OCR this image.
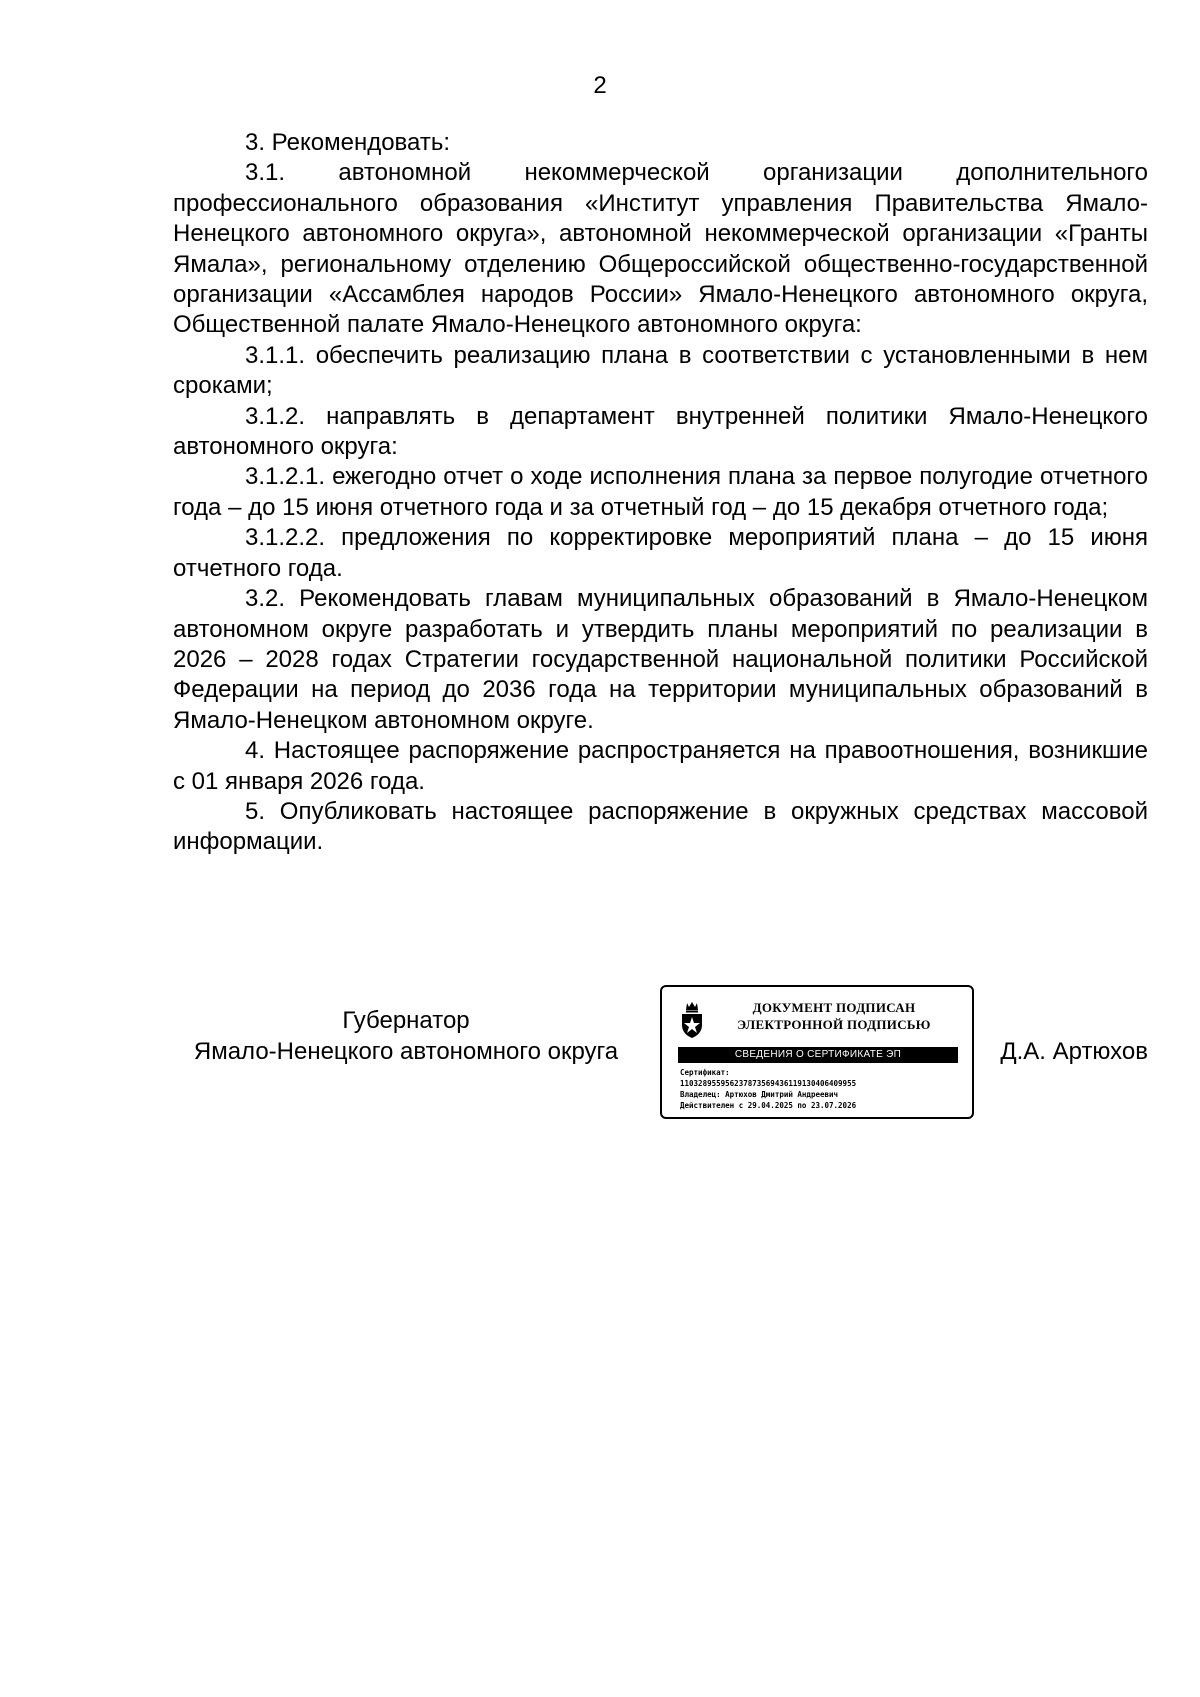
2

3. Рекомендовать:

3.1. автономной некоммерческой организации дополнительного профессионального образования «Институт управления Правительства Ямало-Ненецкого автономного округа», автономной некоммерческой организации «Гранты Ямала», региональному отделению Общероссийской общественно-государственной организации «Ассамблея народов России» Ямало-Ненецкого автономного округа, Общественной палате Ямало-Ненецкого автономного округа:

3.1.1. обеспечить реализацию плана в соответствии с установленными в нем сроками;

3.1.2. направлять в департамент внутренней политики Ямало-Ненецкого автономного округа:

3.1.2.1. ежегодно отчет о ходе исполнения плана за первое полугодие отчетного года – до 15 июня отчетного года и за отчетный год – до 15 декабря отчетного года;

3.1.2.2. предложения по корректировке мероприятий плана – до 15 июня отчетного года.

3.2. Рекомендовать главам муниципальных образований в Ямало-Ненецком автономном округе разработать и утвердить планы мероприятий по реализации в 2026 – 2028 годах Стратегии государственной национальной политики Российской Федерации на период до 2036 года на территории муниципальных образований в Ямало-Ненецком автономном округе.

4. Настоящее распоряжение распространяется на правоотношения, возникшие с 01 января 2026 года.

5. Опубликовать настоящее распоряжение в окружных средствах массовой информации.

Губернатор
Ямало-Ненецкого автономного округа
ДОКУМЕНТ ПОДПИСАН
ЭЛЕКТРОННОЙ ПОДПИСЬЮ
СВЕДЕНИЯ О СЕРТИФИКАТЕ ЭП
Сертификат:
110328955956237873569436119130406409955
Владелец: Артюхов Дмитрий Андреевич
Действителен с 29.04.2025 по 23.07.2026
Д.А. Артюхов
